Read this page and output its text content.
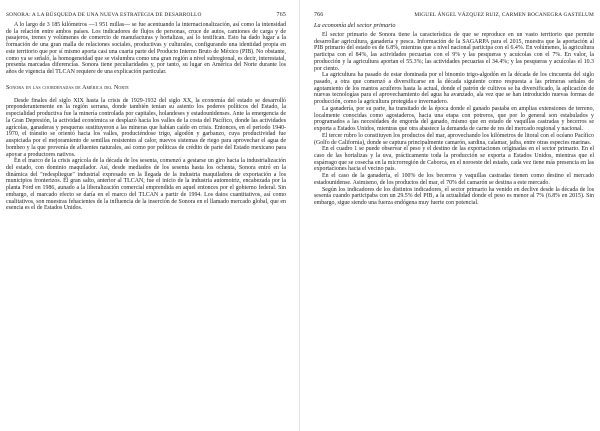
SONORA: A LA BÚSQUEDA DE UNA NUEVA ESTRATEGIA DE DESARROLLO	765

A lo largo de 3 185 kilómetros —1 951 millas— se fue acentuando la internacionalización, así como la intensidad de la relación entre ambos países. Los indicadores de flujos de personas, cruce de autos, camiones de carga y de pasajeros, trenes y volúmenes de comercio de manufacturas y hortalizas, así lo testifican. Esto ha dado lugar a la formación de una gran malla de relaciones sociales, productivas y culturales, configurando una identidad propia en este territorio que por sí mismo aporta casi una cuarta parte del Producto Interno Bruto de México (PIB). No obstante, como ya se señaló, la homogeneidad que se vislumbra como una gran región a nivel subregional, es decir, interestatal, presenta marcadas diferencias. Sonora tiene peculiaridades y, por tanto, su lugar en América del Norte durante los años de vigencia del TLCAN requiere de una explicación particular.

Sonora en las coordenadas de América del Norte

Desde finales del siglo XIX hasta la crisis de 1929-1932 del siglo XX, la economía del estado se desarrolló preponderantemente en la región serrana, donde también tenían su asiento los poderes políticos del Estado, la especialidad productiva fue la minería controlada por capitales, holandeses y estadounidenses. Ante la emergencia de la Gran Depresión, la actividad económica se desplazó hacia los valles de la costa del Pacífico, donde las actividades agrícolas, ganaderas y pesqueras sustituyeron a las mineras que habían caído en crisis. Entonces, en el periodo 1940-1970, el tránsito se orientó hacia los valles, produciéndose trigo, algodón y garbanzo, cuya productividad fue auspiciada por el mejoramiento de semillas resistentes al calor, nuevos sistemas de riego para aprovechar el agua de bombeo y la que provenía de afluentes naturales, así como por políticas de crédito de parte del Estado mexicano para apoyar a productores nativos.

En el marco de la crisis agrícola de la década de los sesenta, comenzó a gestarse un giro hacia la industrialización del estado, con dominio maquilador. Así, desde mediados de los sesenta hasta los ochenta, Sonora entró en la dinámica del "redespliegue" industrial expresado en la llegada de la industria maquiladora de exportación a los municipios fronterizos. El gran salto, anterior al TLCAN, fue el inicio de la industria automotriz, encabezada por la planta Ford en 1986, aunado a la liberalización comercial emprendida en aquel entonces por el gobierno federal. Sin embargo, el marcado efecto se daría en el marco del TLCAN a partir de 1994. Los datos cuantitativos, así como cualitativos, son muestras fehacientes de la influencia de la inserción de Sonora en el llamado mercado global, que en esencia es el de Estados Unidos.

766	MIGUEL ÁNGEL VÁZQUEZ RUIZ, CARMEN BOCANEGRA GASTELUM
La economía del sector primario

El sector primario de Sonora tiene la característica de que se reproduce en un vasto territorio que permite desarrollar agricultura, ganadería y pesca. Información de la SAGARPA para el 2015, muestra que la aportación al PIB primario del estado es de 6.8%, mientras que a nivel nacional participa con el 6.4%. En volúmenes, la agricultura participa con el 84%, las actividades pecuarias con el 9% y las pesqueras y acuícolas con el 7%. En valor, la producción y la agricultura aportan el 55.3%; las actividades pecuarias el 34.4%; y las pesqueras y acuícolas el 10.3 por ciento.

La agricultura ha pasado de estar dominada por el binomio trigo-algodón en la década de los cincuenta del siglo pasado, a otra que comenzó a diversificarse en la década siguiente como respuesta a las primeras señales de agotamiento de los mantos acuíferos hasta la actual, donde el patrón de cultivos se ha diversificado, la aplicación de nuevas tecnologías para el aprovechamiento del agua ha avanzado, ala vez que se han introducido nuevas formas de producción, como la agricultura protegida e invernadero.

La ganadería, por su parte, ha transitado de la época donde el ganado pastaba en amplias extensiones de terreno, localmente conocidas como agostaderos, hacia una etapa con potreros, que por lo general son estabulados y programados a las necesidades de engorda del ganado, mismo que en estado de vaquillas castradas y becerros se exporta a Estados Unidos, mientras que otra abastece la demanda de carne de res del mercado regional y nacional.

El tercer rubro lo constituyen los productos del mar, aprovechando los kilómetros de litoral con el océano Pacífico (Golfo de California), donde se captura principalmente camarón, sardina, calamar, jaiba, entre otras especies marinas.

En el cuadro 1 se puede observar el peso y el destino de las exportaciones originadas en el sector primario. En el caso de las hortalizas y la uva, prácticamente toda la producción se exporta a Estados Unidos, mientras que el espárrago que se cosecha en la microrregión de Caborca, en el noroeste del estado, cada vez tiene más presencia en las exportaciones hacia el vecino país.

En el caso de la ganadería, el 100% de los becerros y vaquillas castradas tienen como destino el mercado estadounidense. Asimismo, de los productos del mar, el 70% del camarón se destina a este mercado.

Según los indicadores de los distintos indicadores, el sector primario ha venido en declive desde la década de los sesenta cuando participaba con un 29.5% del PIB, a la actualidad donde el peso es menor al 7% (6.8% en 2015). Sin embargo, sigue siendo una fuerza endógena muy fuerte con potencial.
